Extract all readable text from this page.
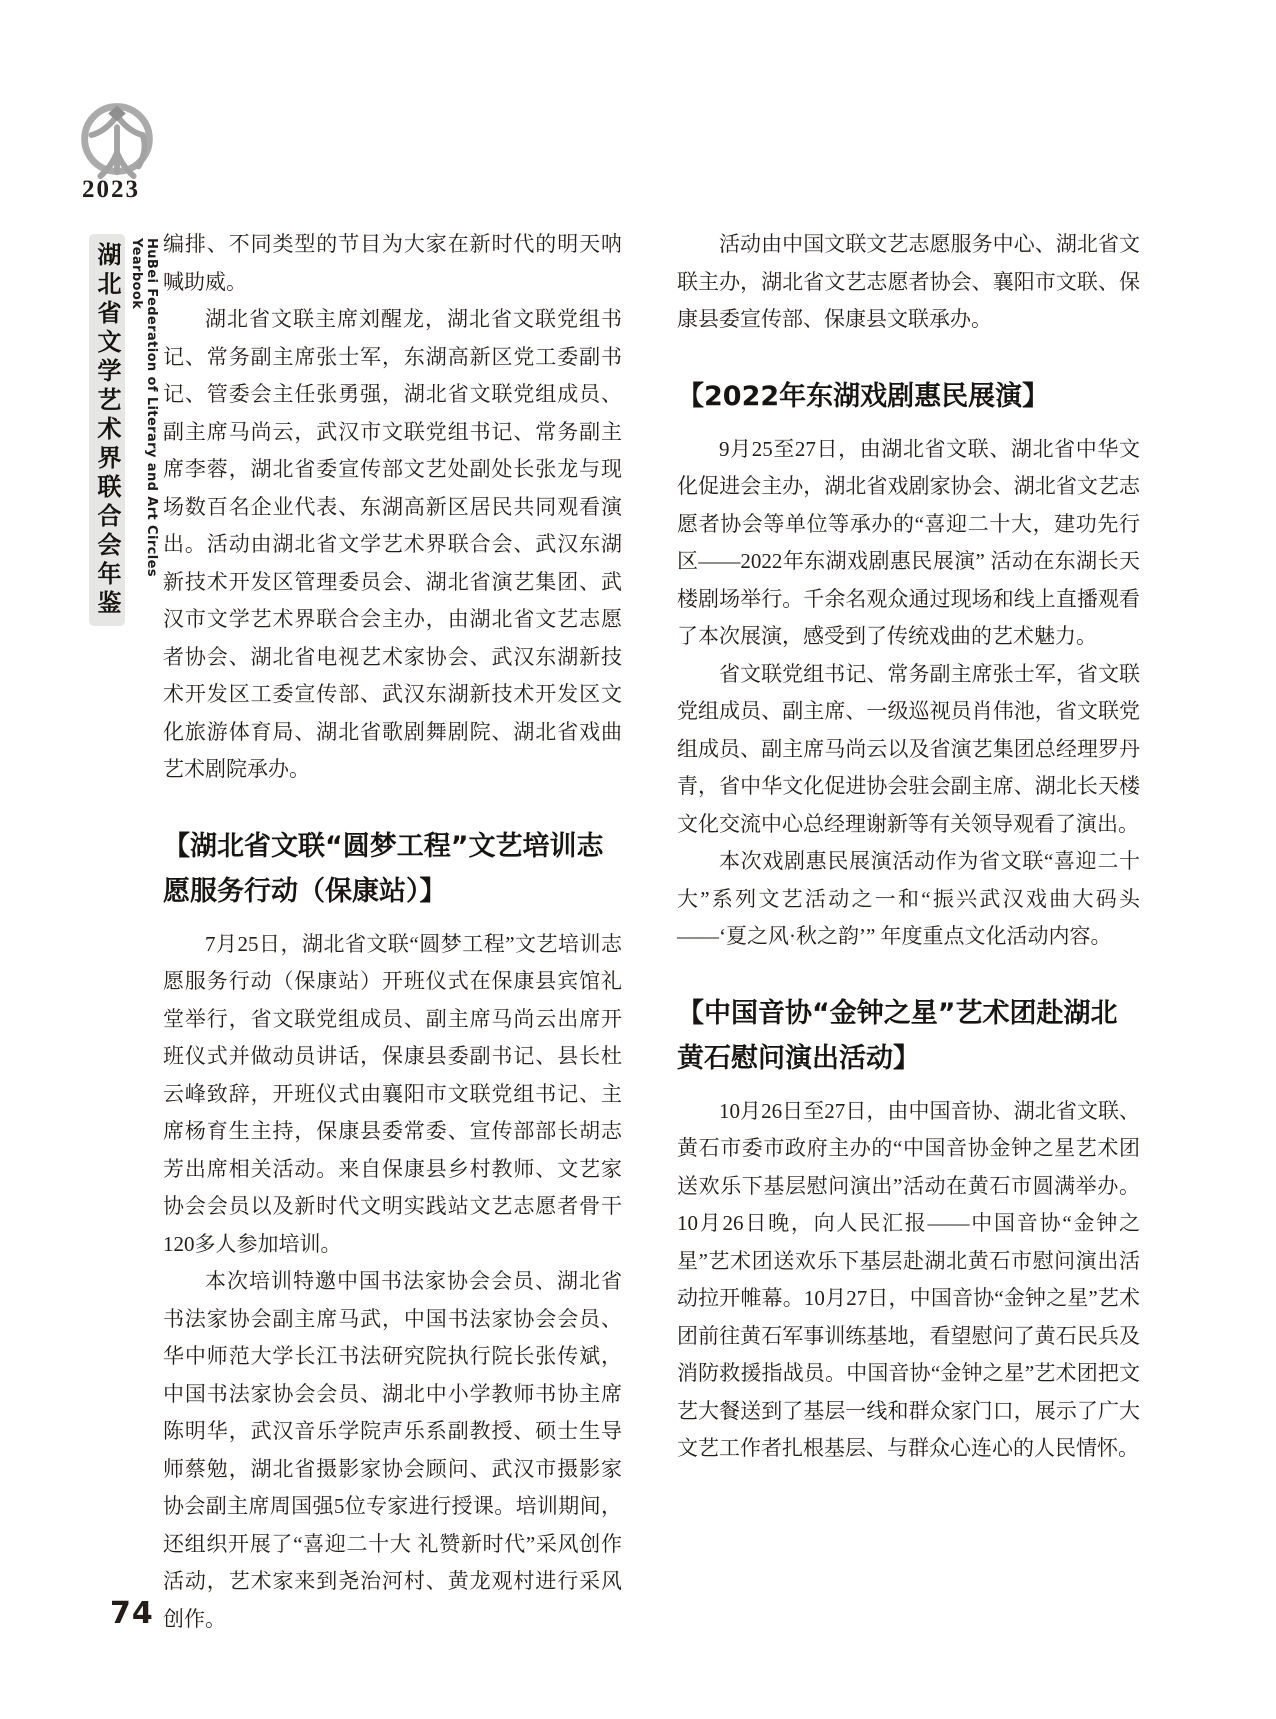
2023
湖北省文学艺术界联合会年鉴	HuBei Federation of Literary and Art Circles Yearbook 编排、不同类型的节目为大家在新时代的明天呐喊助威。

湖北省文联主席刘醒龙，湖北省文联党组书记、常务副主席张士军，东湖高新区党工委副书记、管委会主任张勇强，湖北省文联党组成员、副主席马尚云，武汉市文联党组书记、常务副主席李蓉，湖北省委宣传部文艺处副处长张龙与现场数百名企业代表、东湖高新区居民共同观看演出。活动由湖北省文学艺术界联合会、武汉东湖新技术开发区管理委员会、湖北省演艺集团、武汉市文学艺术界联合会主办，由湖北省文艺志愿者协会、湖北省电视艺术家协会、武汉东湖新技术开发区工委宣传部、武汉东湖新技术开发区文化旅游体育局、湖北省歌剧舞剧院、湖北省戏曲艺术剧院承办。

【湖北省文联“圆梦工程”文艺培训志愿服务行动（保康站）】

7月25日，湖北省文联“圆梦工程”文艺培训志愿服务行动（保康站）开班仪式在保康县宾馆礼堂举行，省文联党组成员、副主席马尚云出席开班仪式并做动员讲话，保康县委副书记、县长杜云峰致辞，开班仪式由襄阳市文联党组书记、主席杨育生主持，保康县委常委、宣传部部长胡志芳出席相关活动。来自保康县乡村教师、文艺家协会会员以及新时代文明实践站文艺志愿者骨干120多人参加培训。

本次培训特邀中国书法家协会会员、湖北省书法家协会副主席马武，中国书法家协会会员、华中师范大学长江书法研究院执行院长张传斌，中国书法家协会会员、湖北中小学教师书协主席陈明华，武汉音乐学院声乐系副教授、硕士生导师蔡勉，湖北省摄影家协会顾问、武汉市摄影家协会副主席周国强5位专家进行授课。培训期间，还组织开展了“喜迎二十大 礼赞新时代”采风创作活动，艺术家来到尧治河村、黄龙观村进行采风创作。

活动由中国文联文艺志愿服务中心、湖北省文联主办，湖北省文艺志愿者协会、襄阳市文联、保康县委宣传部、保康县文联承办。

【2022年东湖戏剧惠民展演】

9月25至27日，由湖北省文联、湖北省中华文化促进会主办，湖北省戏剧家协会、湖北省文艺志愿者协会等单位等承办的“喜迎二十大，建功先行区——2022年东湖戏剧惠民展演” 活动在东湖长天楼剧场举行。千余名观众通过现场和线上直播观看了本次展演，感受到了传统戏曲的艺术魅力。

省文联党组书记、常务副主席张士军，省文联党组成员、副主席、一级巡视员肖伟池，省文联党组成员、副主席马尚云以及省演艺集团总经理罗丹青，省中华文化促进协会驻会副主席、湖北长天楼文化交流中心总经理谢新等有关领导观看了演出。

本次戏剧惠民展演活动作为省文联“喜迎二十大”系列文艺活动之一和“振兴武汉戏曲大码头——‘夏之风·秋之韵’” 年度重点文化活动内容。

【中国音协“金钟之星”艺术团赴湖北黄石慰问演出活动】

10月26日至27日，由中国音协、湖北省文联、黄石市委市政府主办的“中国音协金钟之星艺术团送欢乐下基层慰问演出”活动在黄石市圆满举办。10月26日晚，向人民汇报——中国音协“金钟之星”艺术团送欢乐下基层赴湖北黄石市慰问演出活动拉开帷幕。10月27日，中国音协“金钟之星”艺术团前往黄石军事训练基地，看望慰问了黄石民兵及消防救援指战员。中国音协“金钟之星”艺术团把文艺大餐送到了基层一线和群众家门口，展示了广大文艺工作者扎根基层、与群众心连心的人民情怀。

74
